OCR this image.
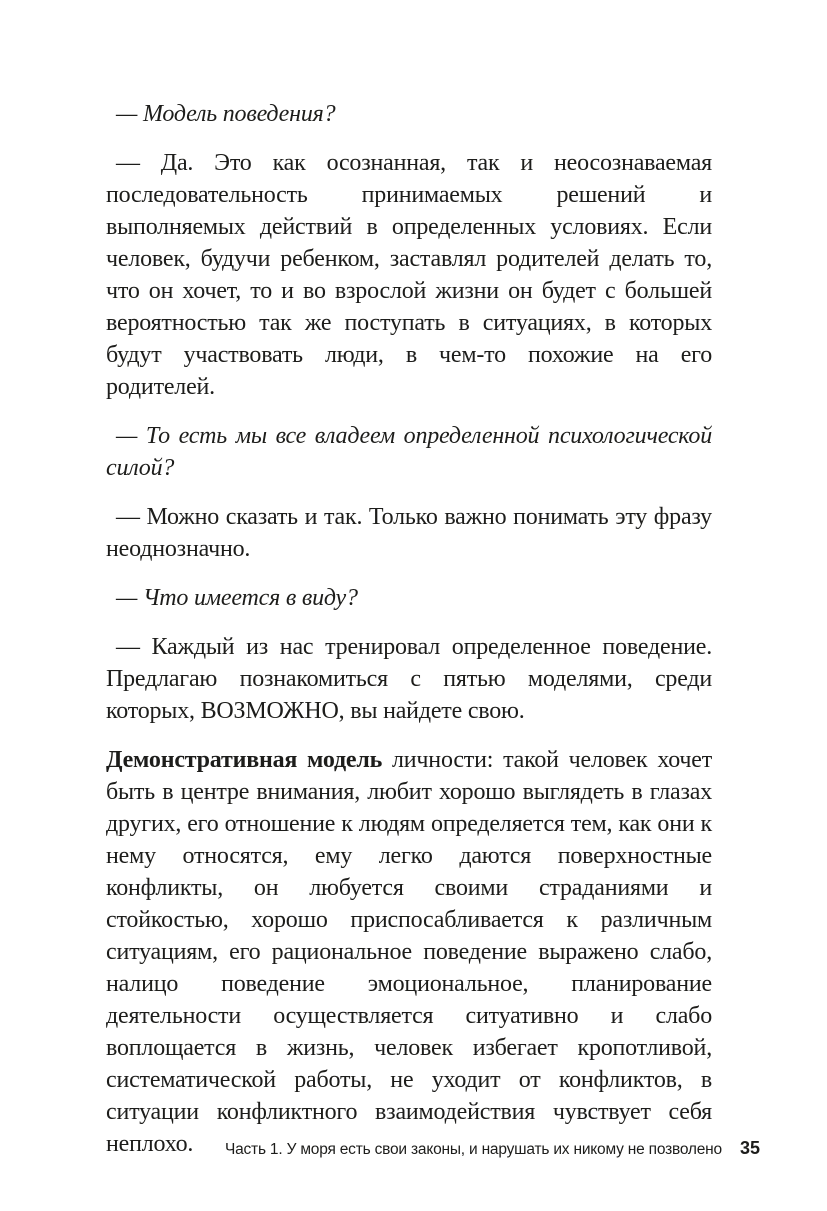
— Модель поведения?

— Да. Это как осознанная, так и неосознаваемая последовательность принимаемых решений и выполняемых действий в определенных условиях. Если человек, будучи ребенком, заставлял родителей делать то, что он хочет, то и во взрослой жизни он будет с большей вероятностью так же поступать в ситуациях, в которых будут участвовать люди, в чем-то похожие на его родителей.

— То есть мы все владеем определенной психологической силой?

— Можно сказать и так. Только важно понимать эту фразу неоднозначно.

— Что имеется в виду?

— Каждый из нас тренировал определенное поведение. Предлагаю познакомиться с пятью моделями, среди которых, ВОЗМОЖНО, вы найдете свою.

Демонстративная модель личности: такой человек хочет быть в центре внимания, любит хорошо выглядеть в глазах других, его отношение к людям определяется тем, как они к нему относятся, ему легко даются поверхностные конфликты, он любуется своими страданиями и стойкостью, хорошо приспосабливается к различным ситуациям, его рациональное поведение выражено слабо, налицо поведение эмоциональное, планирование деятельности осуществляется ситуативно и слабо воплощается в жизнь, человек избегает кропотливой, систематической работы, не уходит от конфликтов, в ситуации конфликтного взаимодействия чувствует себя неплохо.	Часть 1. У моря есть свои законы, и нарушать их никому не позволено 35
